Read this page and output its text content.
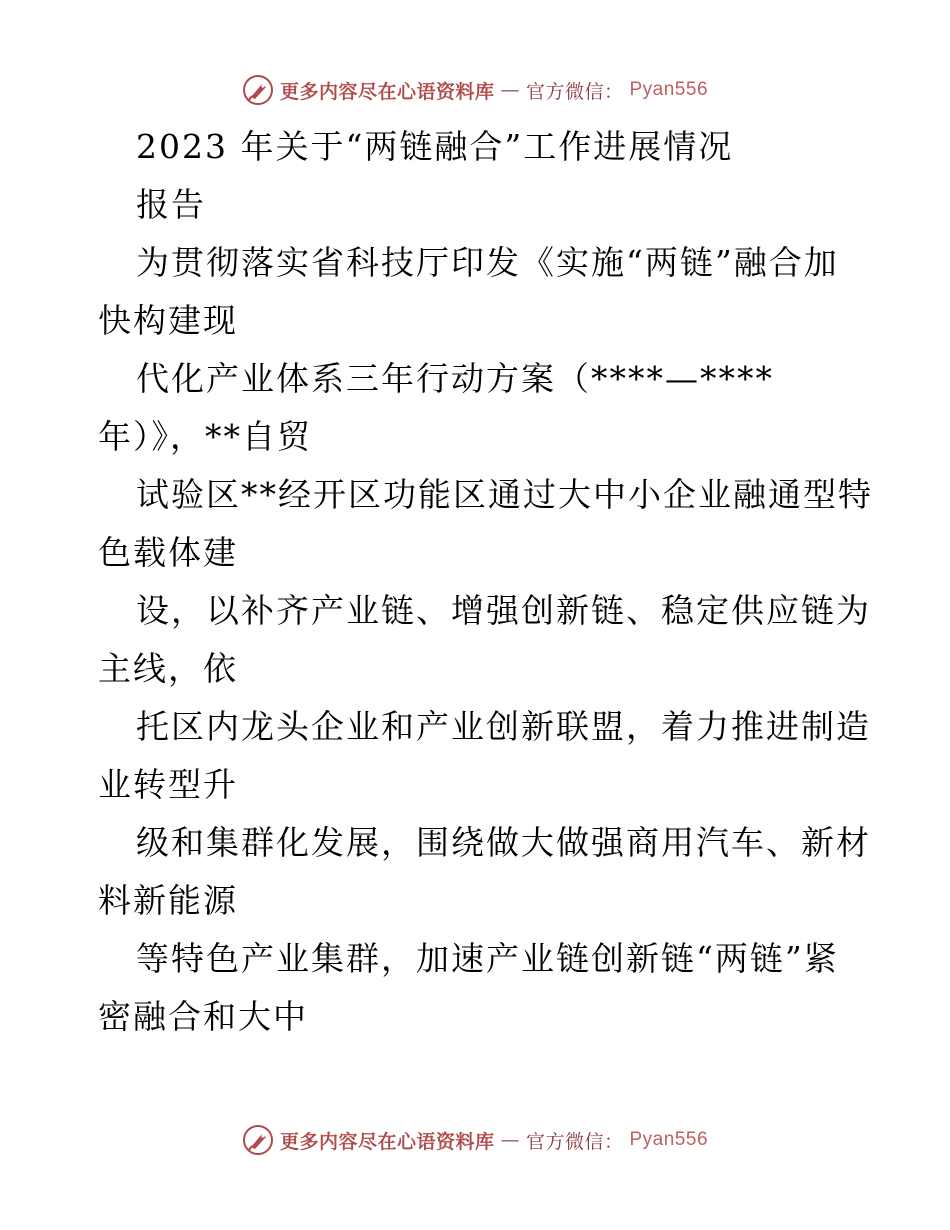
更多内容尽在心语资料库 — 官方微信： Pyan556
2023 年关于“两链融合”工作进展情况
报告
为贯彻落实省科技厅印发《实施“两链”融合加
快构建现
代化产业体系三年行动方案（****—****
年）》，**自贸
试验区**经开区功能区通过大中小企业融通型特
色载体建
设，以补齐产业链、增强创新链、稳定供应链为
主线，依
托区内龙头企业和产业创新联盟，着力推进制造
业转型升
级和集群化发展，围绕做大做强商用汽车、新材
料新能源
等特色产业集群，加速产业链创新链“两链”紧
密融合和大中
更多内容尽在心语资料库 — 官方微信： Pyan556
